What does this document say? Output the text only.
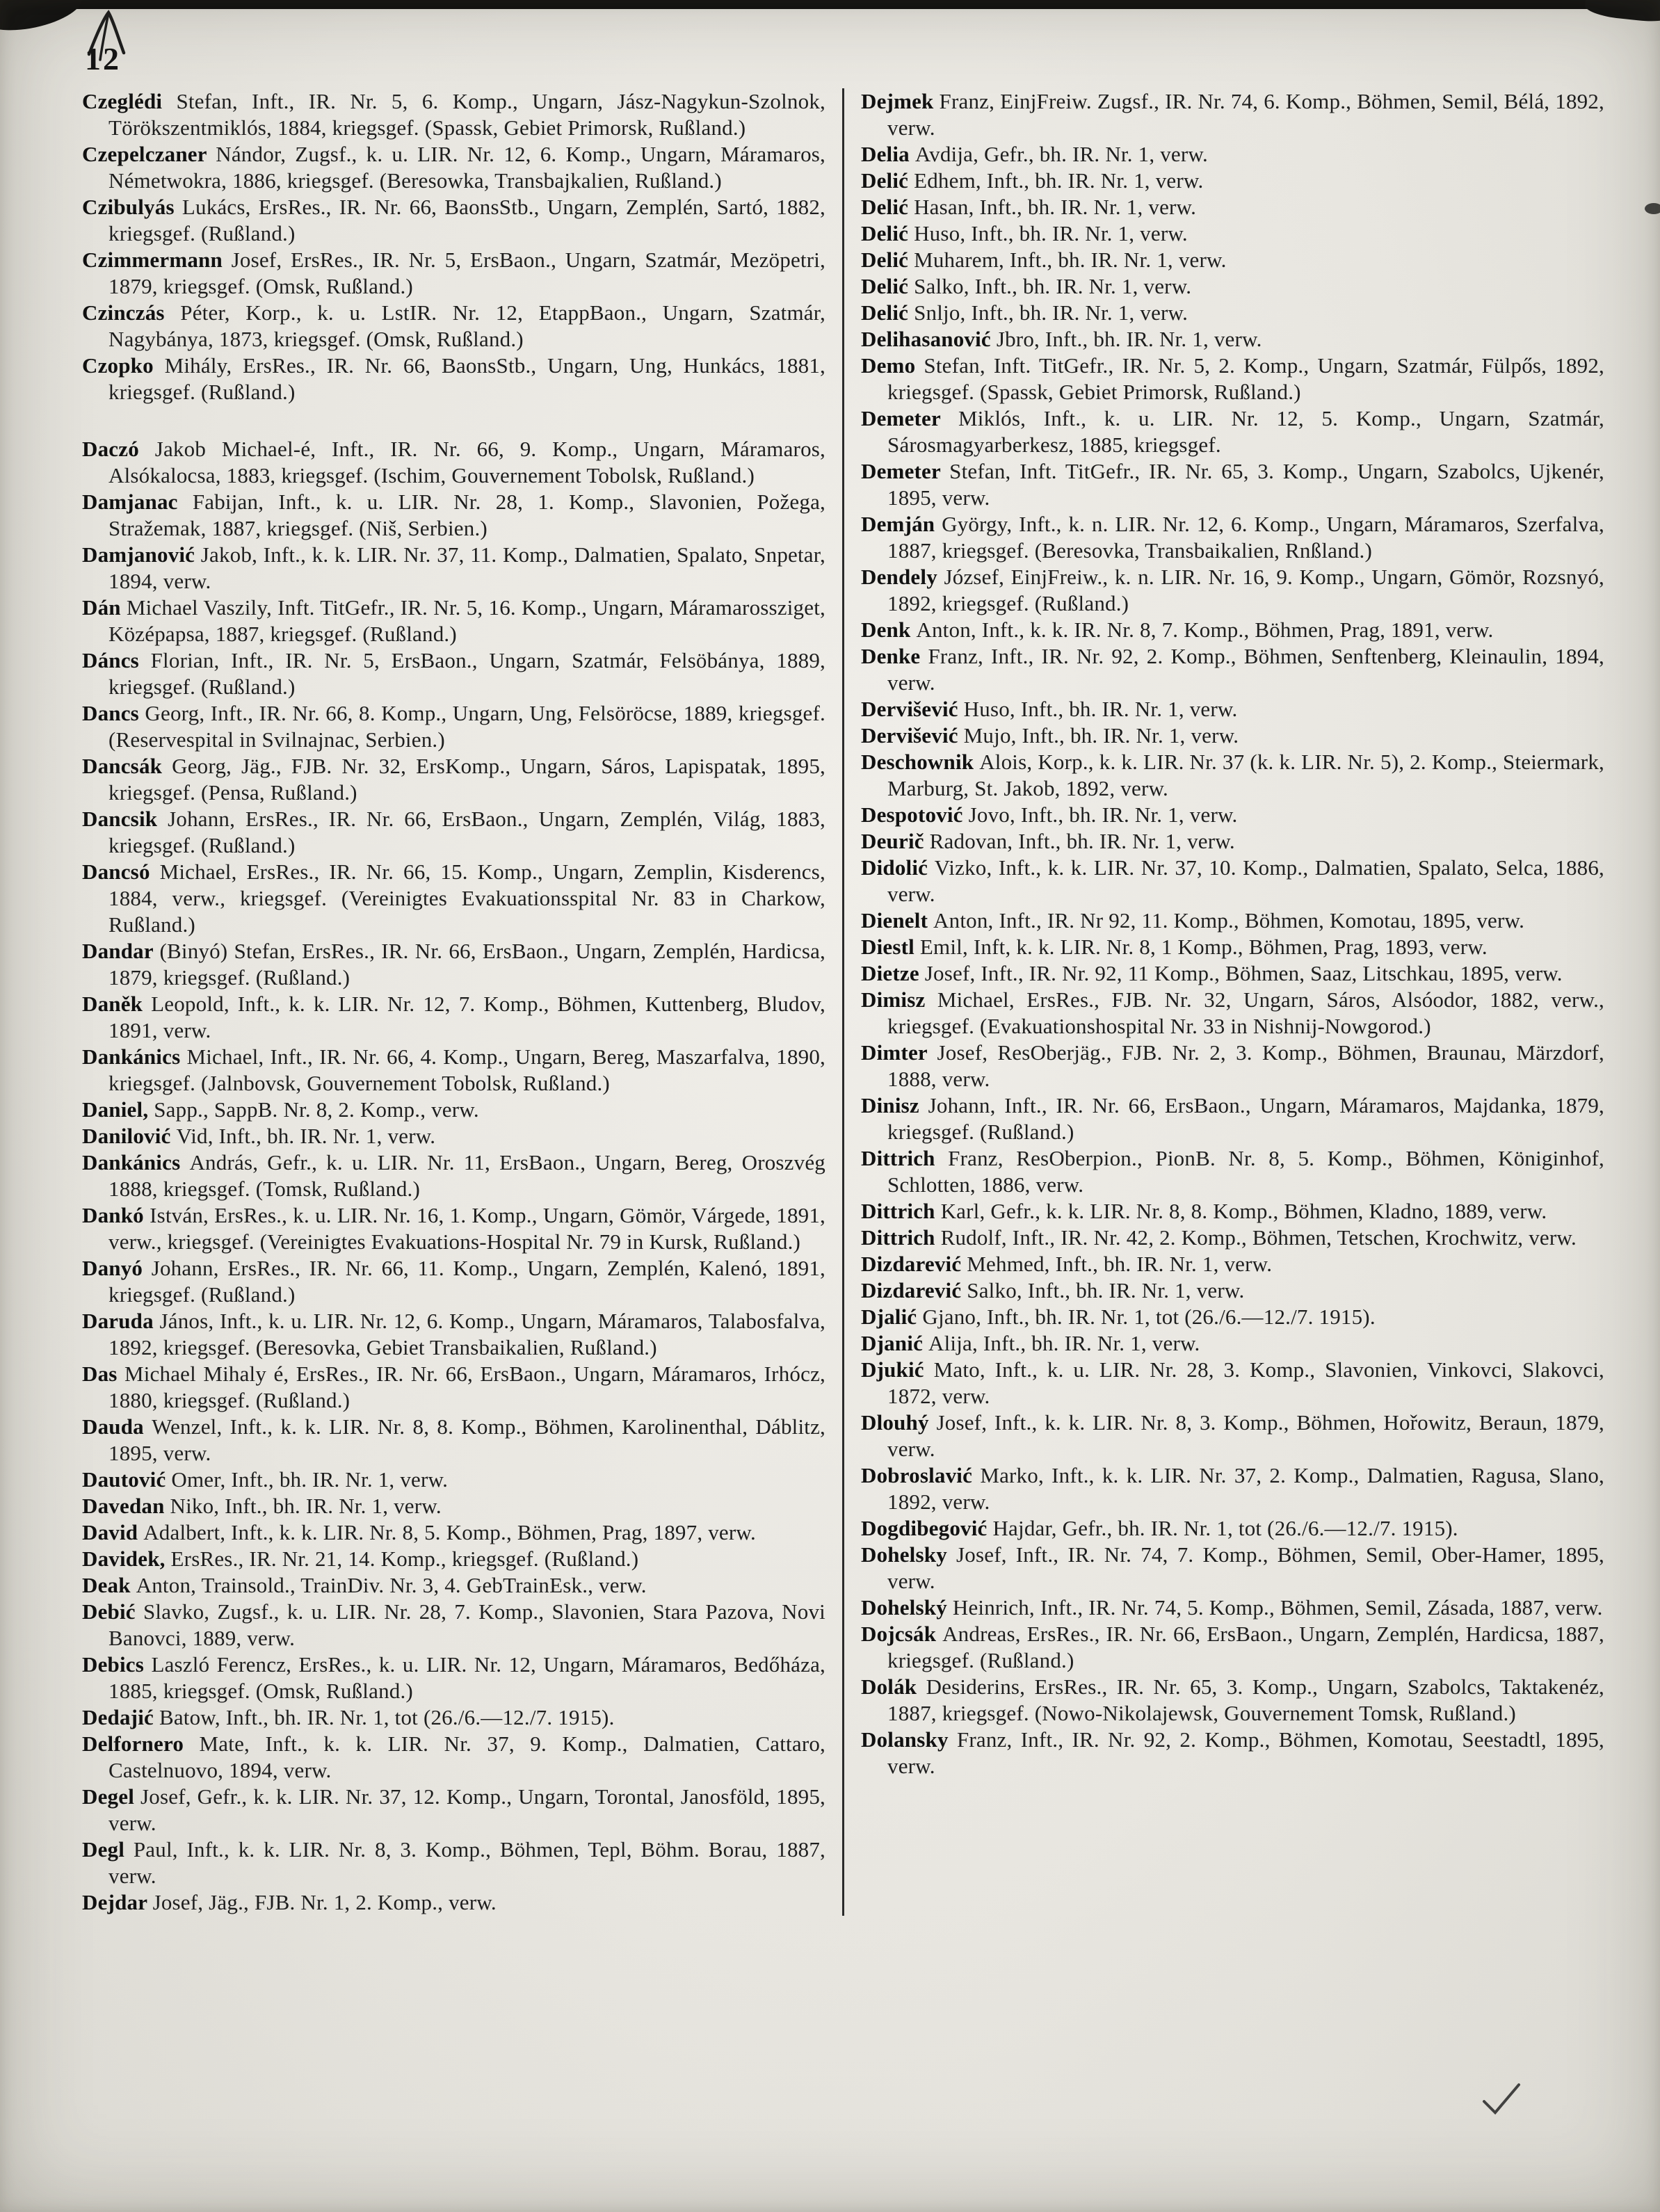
12
Czeglédi Stefan, Inft., IR. Nr. 5, 6. Komp., Ungarn, Jász-Nagykun-Szolnok, Törökszentmiklós, 1884, kriegsgef. (Spassk, Gebiet Primorsk, Rußland.)
Czepelczaner Nándor, Zugsf., k. u. LIR. Nr. 12, 6. Komp., Ungarn, Máramaros, Németwokra, 1886, kriegsgef. (Beresowka, Transbajkalien, Rußland.)
Czibulyás Lukács, ErsRes., IR. Nr. 66, BaonsStb., Ungarn, Zemplén, Sartó, 1882, kriegsgef. (Rußland.)
Czimmermann Josef, ErsRes., IR. Nr. 5, ErsBaon., Ungarn, Szatmár, Mezöpetri, 1879, kriegsgef. (Omsk, Rußland.)
Czinczás Péter, Korp., k. u. LstIR. Nr. 12, EtappBaon., Ungarn, Szatmár, Nagybánya, 1873, kriegsgef. (Omsk, Rußland.)
Czopko Mihály, ErsRes., IR. Nr. 66, BaonsStb., Ungarn, Ung, Hunkács, 1881, kriegsgef. (Rußland.)
Daczó Jakob Michael-é, Inft., IR. Nr. 66, 9. Komp., Ungarn, Máramaros, Alsókalocsa, 1883, kriegsgef. (Ischim, Gouvernement Tobolsk, Rußland.)
Damjanac Fabijan, Inft., k. u. LIR. Nr. 28, 1. Komp., Slavonien, Požega, Stražemak, 1887, kriegsgef. (Niš, Serbien.)
Damjanović Jakob, Inft., k. k. LIR. Nr. 37, 11. Komp., Dalmatien, Spalato, Snpetar, 1894, verw.
Dán Michael Vaszily, Inft. TitGefr., IR. Nr. 5, 16. Komp., Ungarn, Máramarossziget, Középapsa, 1887, kriegsgef. (Rußland.)
Dáncs Florian, Inft., IR. Nr. 5, ErsBaon., Ungarn, Szatmár, Felsöbánya, 1889, kriegsgef. (Rußland.)
Dancs Georg, Inft., IR. Nr. 66, 8. Komp., Ungarn, Ung, Felsöröcse, 1889, kriegsgef. (Reservespital in Svilnajnac, Serbien.)
Dancsák Georg, Jäg., FJB. Nr. 32, ErsKomp., Ungarn, Sáros, Lapispatak, 1895, kriegsgef. (Pensa, Rußland.)
Dancsik Johann, ErsRes., IR. Nr. 66, ErsBaon., Ungarn, Zemplén, Világ, 1883, kriegsgef. (Rußland.)
Dancsó Michael, ErsRes., IR. Nr. 66, 15. Komp., Ungarn, Zemplin, Kisderencs, 1884, verw., kriegsgef. (Vereinigtes Evakuationsspital Nr. 83 in Charkow, Rußland.)
Dandar (Binyó) Stefan, ErsRes., IR. Nr. 66, ErsBaon., Ungarn, Zemplén, Hardicsa, 1879, kriegsgef. (Rußland.)
Daněk Leopold, Inft., k. k. LIR. Nr. 12, 7. Komp., Böhmen, Kuttenberg, Bludov, 1891, verw.
Dankánics Michael, Inft., IR. Nr. 66, 4. Komp., Ungarn, Bereg, Maszarfalva, 1890, kriegsgef. (Jalnbovsk, Gouvernement Tobolsk, Rußland.)
Daniel, Sapp., SappB. Nr. 8, 2. Komp., verw.
Danilović Vid, Inft., bh. IR. Nr. 1, verw.
Dankánics András, Gefr., k. u. LIR. Nr. 11, ErsBaon., Ungarn, Bereg, Oroszvég 1888, kriegsgef. (Tomsk, Rußland.)
Dankó István, ErsRes., k. u. LIR. Nr. 16, 1. Komp., Ungarn, Gömör, Várgede, 1891, verw., kriegsgef. (Vereinigtes Evakuations-Hospital Nr. 79 in Kursk, Rußland.)
Danyó Johann, ErsRes., IR. Nr. 66, 11. Komp., Ungarn, Zemplén, Kalenó, 1891, kriegsgef. (Rußland.)
Daruda János, Inft., k. u. LIR. Nr. 12, 6. Komp., Ungarn, Máramaros, Talabosfalva, 1892, kriegsgef. (Beresovka, Gebiet Transbaikalien, Rußland.)
Das Michael Mihaly é, ErsRes., IR. Nr. 66, ErsBaon., Ungarn, Máramaros, Irhócz, 1880, kriegsgef. (Rußland.)
Dauda Wenzel, Inft., k. k. LIR. Nr. 8, 8. Komp., Böhmen, Karolinenthal, Dáblitz, 1895, verw.
Dautović Omer, Inft., bh. IR. Nr. 1, verw.
Davedan Niko, Inft., bh. IR. Nr. 1, verw.
David Adalbert, Inft., k. k. LIR. Nr. 8, 5. Komp., Böhmen, Prag, 1897, verw.
Davidek, ErsRes., IR. Nr. 21, 14. Komp., kriegsgef. (Rußland.)
Deak Anton, Trainsold., TrainDiv. Nr. 3, 4. GebTrainEsk., verw.
Debić Slavko, Zugsf., k. u. LIR. Nr. 28, 7. Komp., Slavonien, Stara Pazova, Novi Banovci, 1889, verw.
Debics Laszló Ferencz, ErsRes., k. u. LIR. Nr. 12, Ungarn, Máramaros, Bedőháza, 1885, kriegsgef. (Omsk, Rußland.)
Dedajić Batow, Inft., bh. IR. Nr. 1, tot (26./6.—12./7. 1915).
Delfornero Mate, Inft., k. k. LIR. Nr. 37, 9. Komp., Dalmatien, Cattaro, Castelnuovo, 1894, verw.
Degel Josef, Gefr., k. k. LIR. Nr. 37, 12. Komp., Ungarn, Torontal, Janosföld, 1895, verw.
Degl Paul, Inft., k. k. LIR. Nr. 8, 3. Komp., Böhmen, Tepl, Böhm. Borau, 1887, verw.
Dejdar Josef, Jäg., FJB. Nr. 1, 2. Komp., verw.
Dejmek Franz, EinjFreiw. Zugsf., IR. Nr. 74, 6. Komp., Böhmen, Semil, Bélá, 1892, verw.
Delia Avdija, Gefr., bh. IR. Nr. 1, verw.
Delić Edhem, Inft., bh. IR. Nr. 1, verw.
Delić Hasan, Inft., bh. IR. Nr. 1, verw.
Delić Huso, Inft., bh. IR. Nr. 1, verw.
Delić Muharem, Inft., bh. IR. Nr. 1, verw.
Delić Salko, Inft., bh. IR. Nr. 1, verw.
Delić Snljo, Inft., bh. IR. Nr. 1, verw.
Delihasanović Jbro, Inft., bh. IR. Nr. 1, verw.
Demo Stefan, Inft. TitGefr., IR. Nr. 5, 2. Komp., Ungarn, Szatmár, Fülpős, 1892, kriegsgef. (Spassk, Gebiet Primorsk, Rußland.)
Demeter Miklós, Inft., k. u. LIR. Nr. 12, 5. Komp., Ungarn, Szatmár, Sárosmagyarberkesz, 1885, kriegsgef.
Demeter Stefan, Inft. TitGefr., IR. Nr. 65, 3. Komp., Ungarn, Szabolcs, Ujkenér, 1895, verw.
Demján György, Inft., k. n. LIR. Nr. 12, 6. Komp., Ungarn, Máramaros, Szerfalva, 1887, kriegsgef. (Beresovka, Transbaikalien, Rnßland.)
Dendely József, EinjFreiw., k. n. LIR. Nr. 16, 9. Komp., Ungarn, Gömör, Rozsnyó, 1892, kriegsgef. (Rußland.)
Denk Anton, Inft., k. k. IR. Nr. 8, 7. Komp., Böhmen, Prag, 1891, verw.
Denke Franz, Inft., IR. Nr. 92, 2. Komp., Böhmen, Senftenberg, Kleinaulin, 1894, verw.
Dervišević Huso, Inft., bh. IR. Nr. 1, verw.
Dervišević Mujo, Inft., bh. IR. Nr. 1, verw.
Deschownik Alois, Korp., k. k. LIR. Nr. 37 (k. k. LIR. Nr. 5), 2. Komp., Steiermark, Marburg, St. Jakob, 1892, verw.
Despotović Jovo, Inft., bh. IR. Nr. 1, verw.
Deurič Radovan, Inft., bh. IR. Nr. 1, verw.
Didolić Vizko, Inft., k. k. LIR. Nr. 37, 10. Komp., Dalmatien, Spalato, Selca, 1886, verw.
Dienelt Anton, Inft., IR. Nr 92, 11. Komp., Böhmen, Komotau, 1895, verw.
Diestl Emil, Inft, k. k. LIR. Nr. 8, 1 Komp., Böhmen, Prag, 1893, verw.
Dietze Josef, Inft., IR. Nr. 92, 11 Komp., Böhmen, Saaz, Litschkau, 1895, verw.
Dimisz Michael, ErsRes., FJB. Nr. 32, Ungarn, Sáros, Alsóodor, 1882, verw., kriegsgef. (Evakuationshospital Nr. 33 in Nishnij-Nowgorod.)
Dimter Josef, ResOberjäg., FJB. Nr. 2, 3. Komp., Böhmen, Braunau, Märzdorf, 1888, verw.
Dinisz Johann, Inft., IR. Nr. 66, ErsBaon., Ungarn, Máramaros, Majdanka, 1879, kriegsgef. (Rußland.)
Dittrich Franz, ResOberpion., PionB. Nr. 8, 5. Komp., Böhmen, Königinhof, Schlotten, 1886, verw.
Dittrich Karl, Gefr., k. k. LIR. Nr. 8, 8. Komp., Böhmen, Kladno, 1889, verw.
Dittrich Rudolf, Inft., IR. Nr. 42, 2. Komp., Böhmen, Tetschen, Krochwitz, verw.
Dizdarević Mehmed, Inft., bh. IR. Nr. 1, verw.
Dizdarević Salko, Inft., bh. IR. Nr. 1, verw.
Djalić Gjano, Inft., bh. IR. Nr. 1, tot (26./6.—12./7. 1915).
Djanić Alija, Inft., bh. IR. Nr. 1, verw.
Djukić Mato, Inft., k. u. LIR. Nr. 28, 3. Komp., Slavonien, Vinkovci, Slakovci, 1872, verw.
Dlouhý Josef, Inft., k. k. LIR. Nr. 8, 3. Komp., Böhmen, Hořowitz, Beraun, 1879, verw.
Dobroslavić Marko, Inft., k. k. LIR. Nr. 37, 2. Komp., Dalmatien, Ragusa, Slano, 1892, verw.
Dogdibegović Hajdar, Gefr., bh. IR. Nr. 1, tot (26./6.—12./7. 1915).
Dohelsky Josef, Inft., IR. Nr. 74, 7. Komp., Böhmen, Semil, Ober-Hamer, 1895, verw.
Dohelský Heinrich, Inft., IR. Nr. 74, 5. Komp., Böhmen, Semil, Zásada, 1887, verw.
Dojcsák Andreas, ErsRes., IR. Nr. 66, ErsBaon., Ungarn, Zemplén, Hardicsa, 1887, kriegsgef. (Rußland.)
Dolák Desiderins, ErsRes., IR. Nr. 65, 3. Komp., Ungarn, Szabolcs, Taktakenéz, 1887, kriegsgef. (Nowo-Nikolajewsk, Gouvernement Tomsk, Rußland.)
Dolansky Franz, Inft., IR. Nr. 92, 2. Komp., Böhmen, Komotau, Seestadtl, 1895, verw.
